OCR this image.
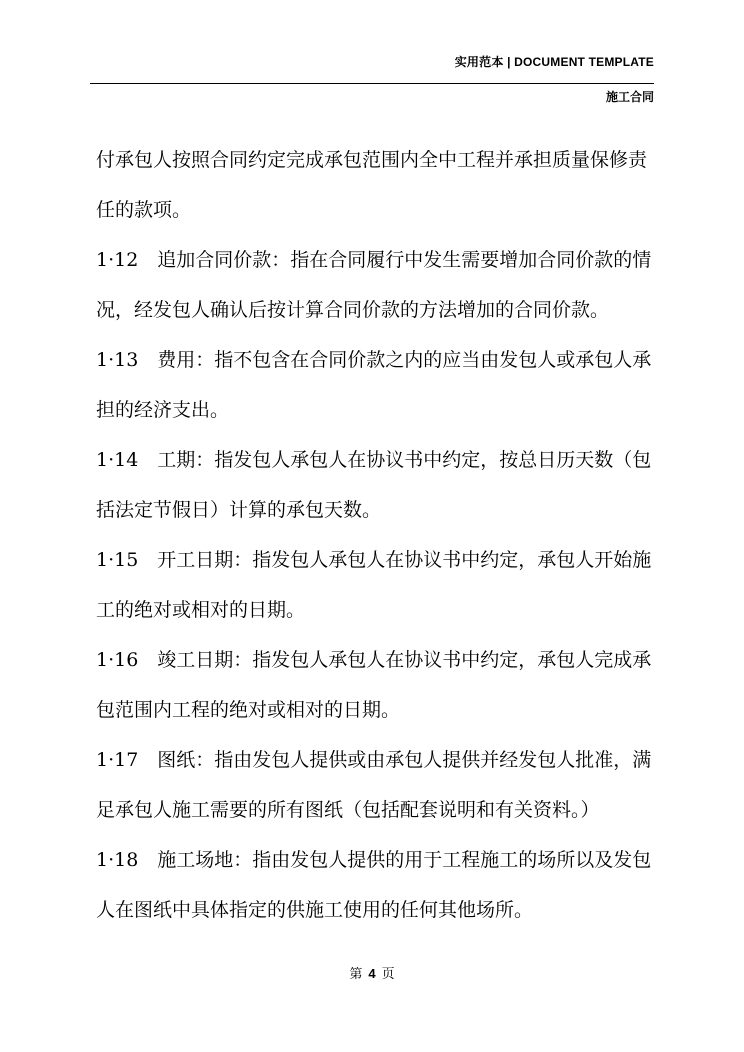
实用范本 | DOCUMENT TEMPLATE
施工合同
付承包人按照合同约定完成承包范围内全中工程并承担质量保修责
任的款项。
1·12　追加合同价款：指在合同履行中发生需要增加合同价款的情
况，经发包人确认后按计算合同价款的方法增加的合同价款。
1·13　费用：指不包含在合同价款之内的应当由发包人或承包人承
担的经济支出。
1·14　工期：指发包人承包人在协议书中约定，按总日历天数（包
括法定节假日）计算的承包天数。
1·15　开工日期：指发包人承包人在协议书中约定，承包人开始施
工的绝对或相对的日期。
1·16　竣工日期：指发包人承包人在协议书中约定，承包人完成承
包范围内工程的绝对或相对的日期。
1·17　图纸：指由发包人提供或由承包人提供并经发包人批准，满
足承包人施工需要的所有图纸（包括配套说明和有关资料。）
1·18　施工场地：指由发包人提供的用于工程施工的场所以及发包
人在图纸中具体指定的供施工使用的任何其他场所。
第 4 页
